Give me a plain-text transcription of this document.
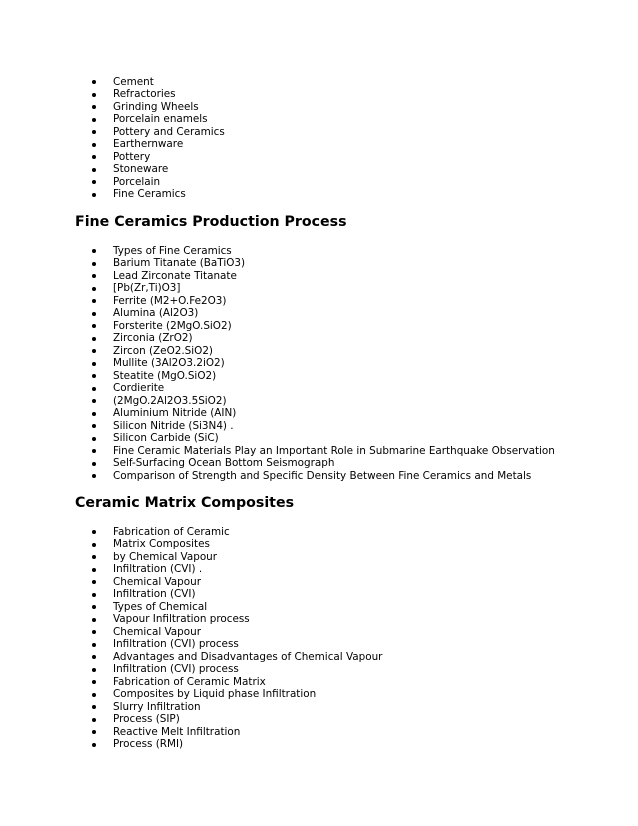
Cement
Refractories
Grinding Wheels
Porcelain enamels
Pottery and Ceramics
Earthernware
Pottery
Stoneware
Porcelain
Fine Ceramics
Fine Ceramics Production Process
Types of Fine Ceramics
Barium Titanate (BaTiO3)
Lead Zirconate Titanate
[Pb(Zr,Ti)O3]
Ferrite (M2+O.Fe2O3)
Alumina (Al2O3)
Forsterite (2MgO.SiO2)
Zirconia (ZrO2)
Zircon (ZeO2.SiO2)
Mullite (3Al2O3.2iO2)
Steatite (MgO.SiO2)
Cordierite
(2MgO.2Al2O3.5SiO2)
Aluminium Nitride (AIN)
Silicon Nitride (Si3N4) .
Silicon Carbide (SiC)
Fine Ceramic Materials Play an Important Role in Submarine Earthquake Observation
Self-Surfacing Ocean Bottom Seismograph
Comparison of Strength and Specific Density Between Fine Ceramics and Metals
Ceramic Matrix Composites
Fabrication of Ceramic
Matrix Composites
by Chemical Vapour
Infiltration (CVI) .
Chemical Vapour
Infiltration (CVI)
Types of Chemical
Vapour Infiltration process
Chemical Vapour
Infiltration (CVI) process
Advantages and Disadvantages of Chemical Vapour
Infiltration (CVI) process
Fabrication of Ceramic Matrix
Composites by Liquid phase Infiltration
Slurry Infiltration
Process (SIP)
Reactive Melt Infiltration
Process (RMI)
